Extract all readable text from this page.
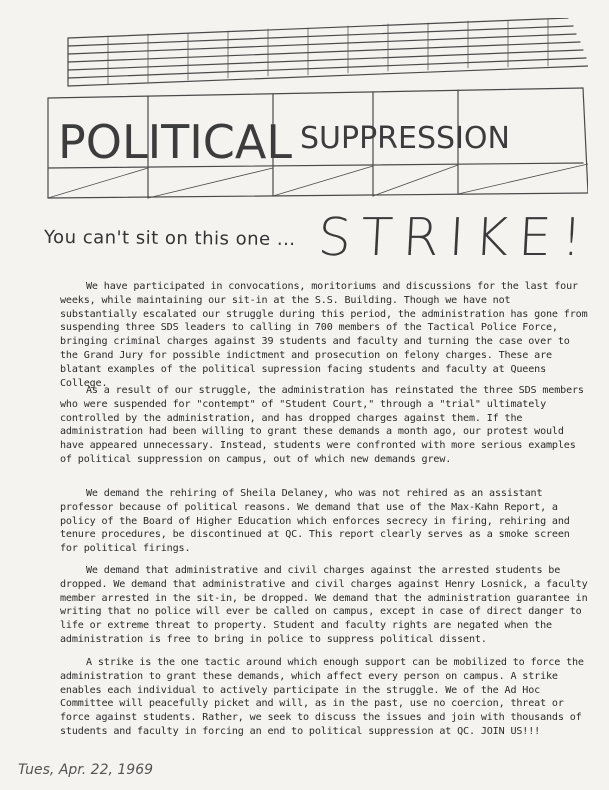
POLITICAL SUPPRESSION
You can't sit on this one ... STRIKE!

We have participated in convocations, moritoriums and discussions for the last four weeks, while maintaining our sit-in at the S.S. Building. Though we have not substantially escalated our struggle during this period, the administration has gone from suspending three SDS leaders to calling in 700 members of the Tactical Police Force, bringing criminal charges against 39 students and faculty and turning the case over to the Grand Jury for possible indictment and prosecution on felony charges. These are blatant examples of the political supression facing students and faculty at Queens College.

As a result of our struggle, the administration has reinstated the three SDS members who were suspended for "contempt" of "Student Court," through a "trial" ultimately controlled by the administration, and has dropped charges against them. If the administration had been willing to grant these demands a month ago, our protest would have appeared unnecessary. Instead, students were confronted with more serious examples of political suppression on campus, out of which new demands grew.

We demand the rehiring of Sheila Delaney, who was not rehired as an assistant professor because of political reasons. We demand that use of the Max-Kahn Report, a policy of the Board of Higher Education which enforces secrecy in firing, rehiring and tenure procedures, be discontinued at QC. This report clearly serves as a smoke screen for political firings.

We demand that administrative and civil charges against the arrested students be dropped. We demand that administrative and civil charges against Henry Losnick, a faculty member arrested in the sit-in, be dropped. We demand that the administration guarantee in writing that no police will ever be called on campus, except in case of direct danger to life or extreme threat to property. Student and faculty rights are negated when the administration is free to bring in police to suppress political dissent.

A strike is the one tactic around which enough support can be mobilized to force the administration to grant these demands, which affect every person on campus. A strike enables each individual to actively participate in the struggle. We of the Ad Hoc Committee will peacefully picket and will, as in the past, use no coercion, threat or force against students. Rather, we seek to discuss the issues and join with thousands of students and faculty in forcing an end to political suppression at QC. JOIN US!!!

Tues, Apr. 22, 1969
